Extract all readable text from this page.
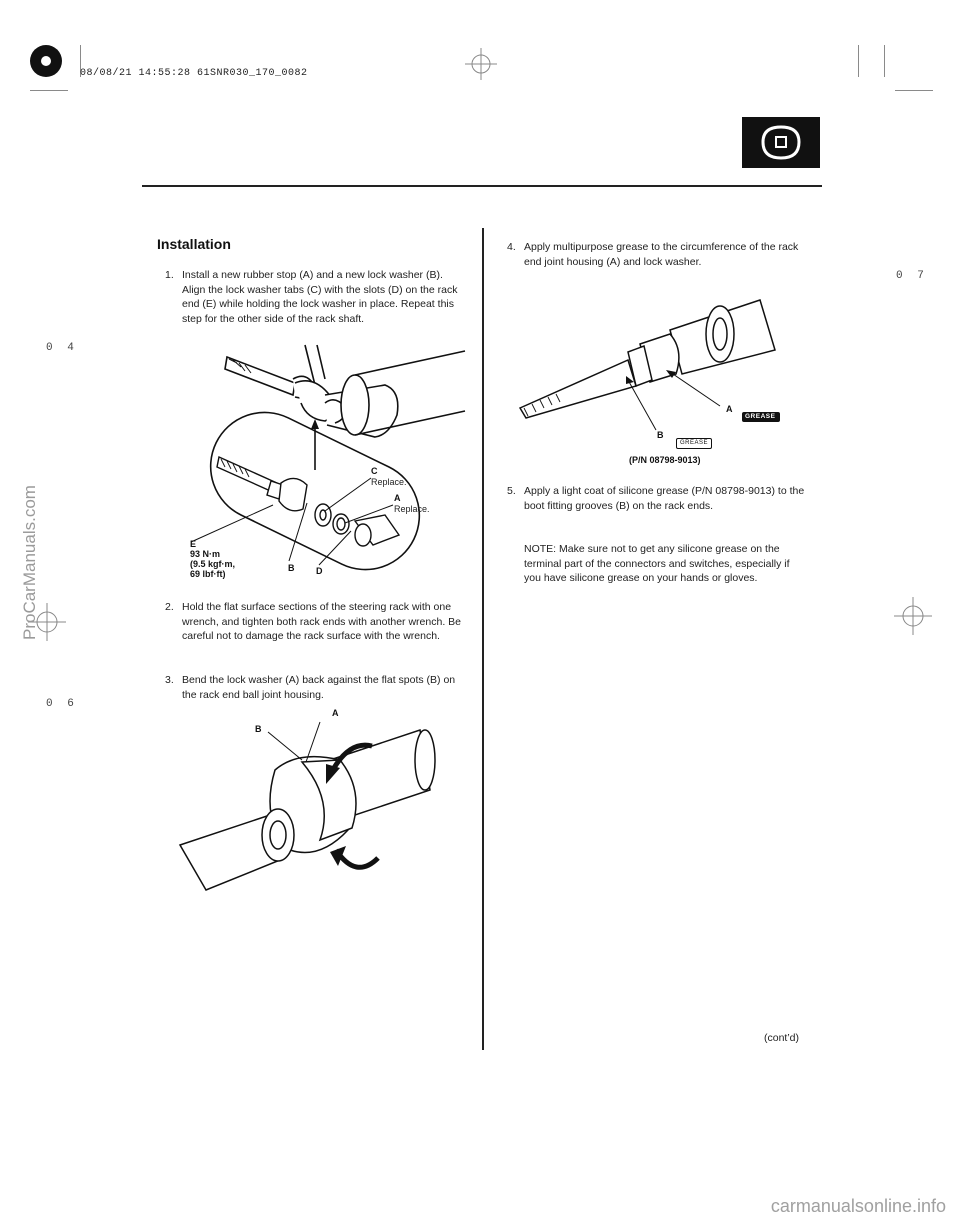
08/08/21 14:55:28 61SNR030_170_0082
0 7
0 4
0 6
ProCarManuals.com
carmanualsonline.info
Installation
1. Install a new rubber stop (A) and a new lock washer (B). Align the lock washer tabs (C) with the slots (D) on the rack end (E) while holding the lock washer in place. Repeat this step for the other side of the rack shaft.
C
Replace.
A
Replace.
E
93 N·m
(9.5 kgf·m,
69 lbf·ft)
B D
2. Hold the flat surface sections of the steering rack with one wrench, and tighten both rack ends with another wrench. Be careful not to damage the rack surface with the wrench.
3. Bend the lock washer (A) back against the flat spots (B) on the rack end ball joint housing.
A
B
4. Apply multipurpose grease to the circumference of the rack end joint housing (A) and lock washer.
A
B
GREASE
GREASE
(P/N 08798-9013)
5. Apply a light coat of silicone grease (P/N 08798-9013) to the boot fitting grooves (B) on the rack ends.
NOTE: Make sure not to get any silicone grease on the terminal part of the connectors and switches, especially if you have silicone grease on your hands or gloves.
(cont’d)
